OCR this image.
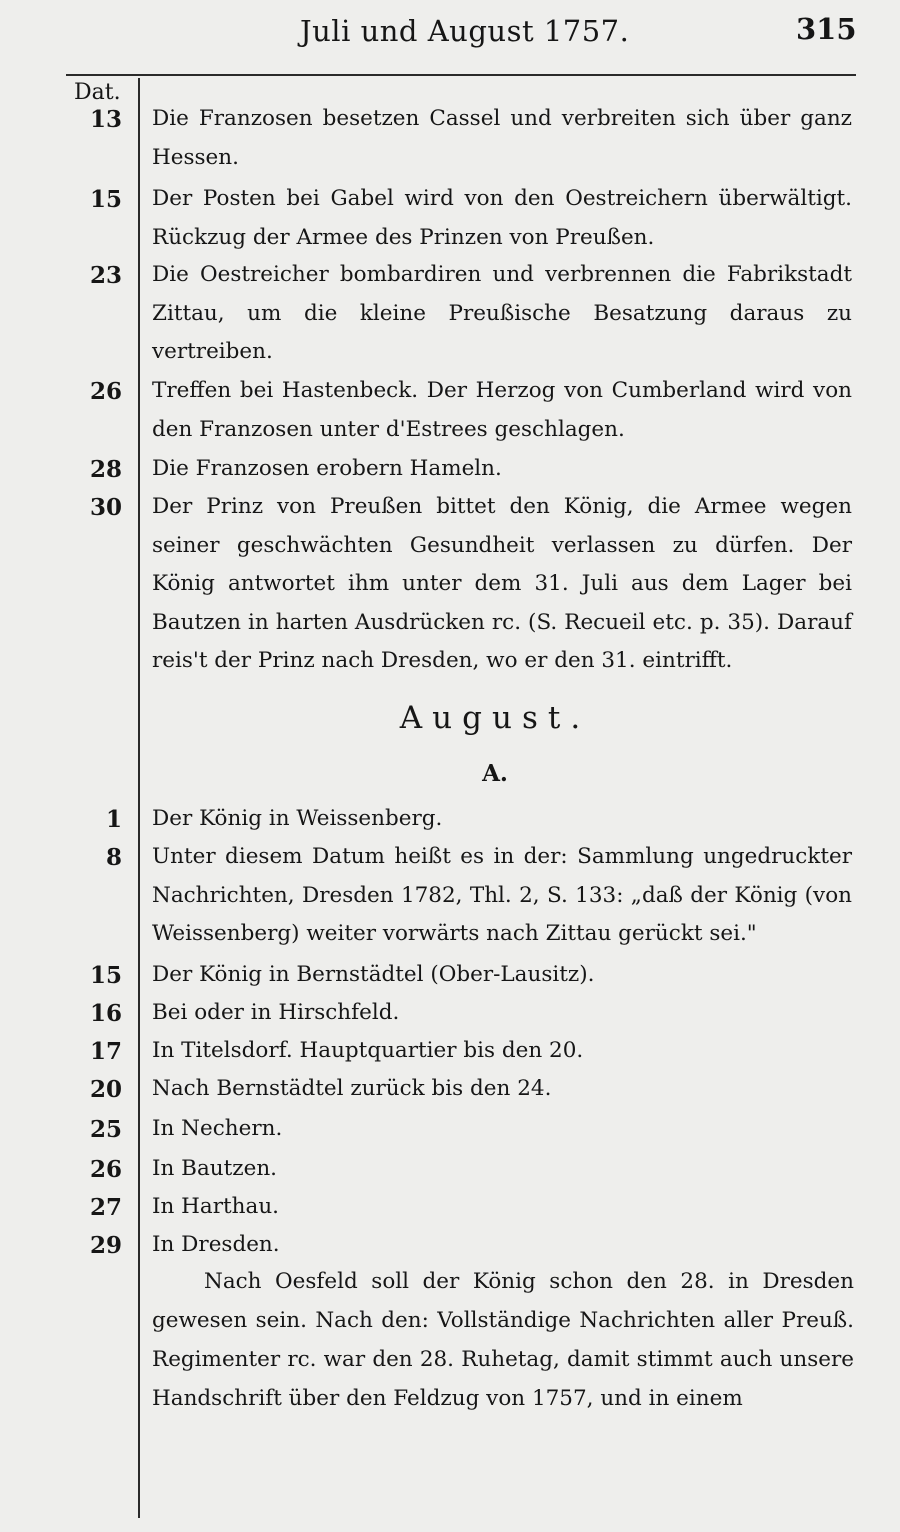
Juli und August 1757.	315
Dat.
13 Die Franzosen besetzen Cassel und verbreiten sich über ganz Hessen.
15 Der Posten bei Gabel wird von den Oestreichern überwältigt. Rückzug der Armee des Prinzen von Preußen.
23 Die Oestreicher bombardiren und verbrennen die Fabrikstadt Zittau, um die kleine Preußische Besatzung daraus zu vertreiben.
26 Treffen bei Hastenbeck. Der Herzog von Cumberland wird von den Franzosen unter d'Estrees geschlagen.
28 Die Franzosen erobern Hameln.
30 Der Prinz von Preußen bittet den König, die Armee wegen seiner geschwächten Gesundheit verlassen zu dürfen. Der König antwortet ihm unter dem 31. Juli aus dem Lager bei Bautzen in harten Ausdrücken rc. (S. Recueil etc. p. 35). Darauf reis't der Prinz nach Dresden, wo er den 31. eintrifft.
August.
A.
1 Der König in Weissenberg.
8 Unter diesem Datum heißt es in der: Sammlung ungedruckter Nachrichten, Dresden 1782, Thl. 2, S. 133: „daß der König (von Weissenberg) weiter vorwärts nach Zittau gerückt sei."
15 Der König in Bernstädtel (Ober-Lausitz).
16 Bei oder in Hirschfeld.
17 In Titelsdorf. Hauptquartier bis den 20.
20 Nach Bernstädtel zurück bis den 24.
25 In Nechern.
26 In Bautzen.
27 In Harthau.
29 In Dresden.
Nach Oesfeld soll der König schon den 28. in Dresden gewesen sein. Nach den: Vollständige Nachrichten aller Preuß. Regimenter rc. war den 28. Ruhetag, damit stimmt auch unsere Handschrift über den Feldzug von 1757, und in einem
